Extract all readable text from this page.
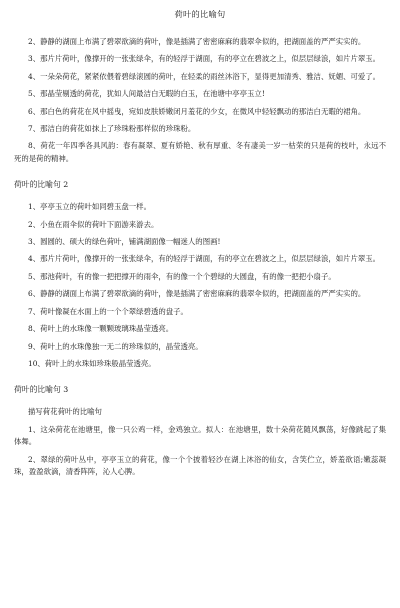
荷叶的比喻句

2、静静的湖面上布满了碧翠欲滴的荷叶，像是插满了密密麻麻的翡翠伞似的，把湖面盖的严严实实的。

3、那片片荷叶，像撑开的一张张绿伞，有的轻浮于湖面，有的亭立在碧波之上，似层层绿浪，如片片翠玉。

4、一朵朵荷花，紧紧依偎着碧绿滚圆的荷叶，在轻柔的雨丝沐浴下，显得更加清秀、雅洁、妩媚、可爱了。

5、那晶莹剔透的荷花，犹如人间最洁白无暇的白玉，在池塘中亭亭玉立!

6、那白色的荷花在风中摇曳，宛如皮肤娇嫩闭月羞花的少女，在微风中轻轻飘动的那洁白无暇的裙角。

7、那洁白的荷花如抹上了珍珠粉那样似的珍珠粉。

8、荷花一年四季各具风韵：春有凝翠、夏有娇艳、秋有厚重、冬有凄美一岁一枯荣的只是荷的枝叶，永远不死的是荷的精神。

荷叶的比喻句 2

1、亭亭玉立的荷叶如同碧玉盘一样。

2、小鱼在雨伞似的荷叶下面游来游去。

3、圆圆的、硕大的绿色荷叶，铺满湖面像一幅迷人的图画!

4、那片片荷叶，像撑开的一张张绿伞，有的轻浮于湖面，有的亭立在碧波之上，似层层绿浪，如片片翠玉。

5、那池荷叶，有的像一把把撑开的雨伞，有的像一个个碧绿的大圆盘，有的像一把把小扇子。

6、静静的湖面上布满了碧翠欲滴的荷叶，像是插满了密密麻麻的翡翠伞似的，把湖面盖的严严实实的。

7、荷叶像凝在水面上的一个个翠绿碧透的盘子。

8、荷叶上的水珠像一颗颗玻璃珠晶莹透亮。

9、荷叶上的水珠像独一无二的珍珠似的，晶莹透亮。

10、荷叶上的水珠如珍珠般晶莹透亮。

荷叶的比喻句 3

描写荷花荷叶的比喻句

1、这朵荷花在池塘里，像一只公鸡一样，金鸡独立。拟人：在池塘里，数十朵荷花随风飘荡，好像跳起了集体舞。

2、翠绿的荷叶丛中，亭亭玉立的荷花，像一个个披着轻沙在湖上沐浴的仙女，含笑伫立，娇羞欲语;嫩蕊凝珠，盈盈欲滴，清香阵阵，沁人心脾。
